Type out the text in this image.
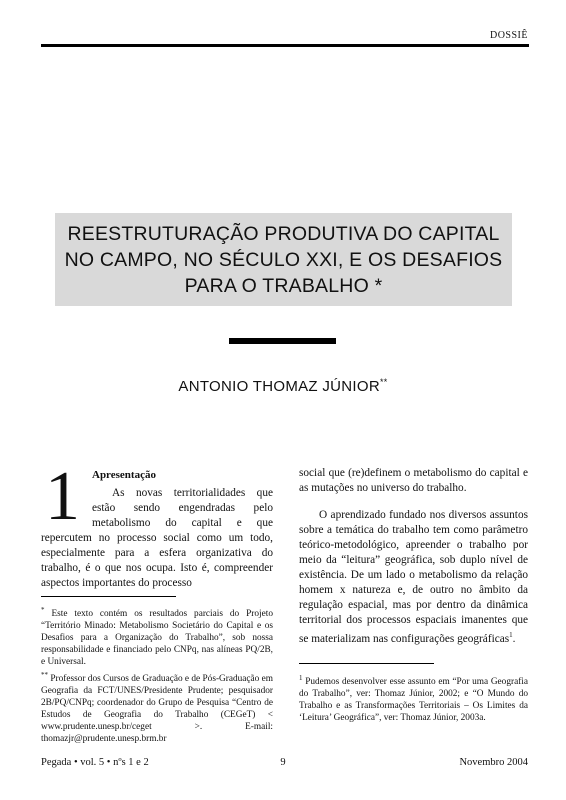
DOSSIÊ
REESTRUTURAÇÃO PRODUTIVA DO CAPITAL
NO CAMPO, NO SÉCULO XXI, E OS DESAFIOS
PARA O TRABALHO *
ANTONIO THOMAZ JÚNIOR**
1	Apresentação

As novas territorialidades que estão sendo engendradas pelo metabolismo do capital e que repercutem no processo social como um todo, especialmente para a esfera organizativa do trabalho, é o que nos ocupa. Isto é, compreender aspectos importantes do processo

social que (re)definem o metabolismo do capital e as mutações no universo do trabalho.

O aprendizado fundado nos diversos assuntos sobre a temática do trabalho tem como parâmetro teórico-metodológico, apreender o trabalho por meio da “leitura” geográfica, sob duplo nível de existência. De um lado o metabolismo da relação homem x natureza e, de outro no âmbito da regulação espacial, mas por dentro da dinâmica territorial dos processos espaciais imanentes que se materializam nas configurações geográficas$^1$.

* Este texto contém os resultados parciais do Projeto “Território Minado: Metabolismo Societário do Capital e os Desafios para a Organização do Trabalho”, sob nossa responsabilidade e financiado pelo CNPq, nas alíneas PQ/2B, e Universal.

** Professor dos Cursos de Graduação e de Pós-Graduação em Geografia da FCT/UNES/Presidente Prudente; pesquisador 2B/PQ/CNPq; coordenador do Grupo de Pesquisa “Centro de Estudos de Geografia do Trabalho (CEGeT) < www.prudente.unesp.br/ceget >. E-mail: thomazjr@prudente.unesp.brm.br

$^1$ Pudemos desenvolver esse assunto em “Por uma Geografia do Trabalho”, ver: Thomaz Júnior, 2002; e “O Mundo do Trabalho e as Transformações Territoriais – Os Limites da ‘Leitura’ Geográfica”, ver: Thomaz Júnior, 2003a.

Pegada • vol. 5 • nºs 1 e 2	9	Novembro 2004
